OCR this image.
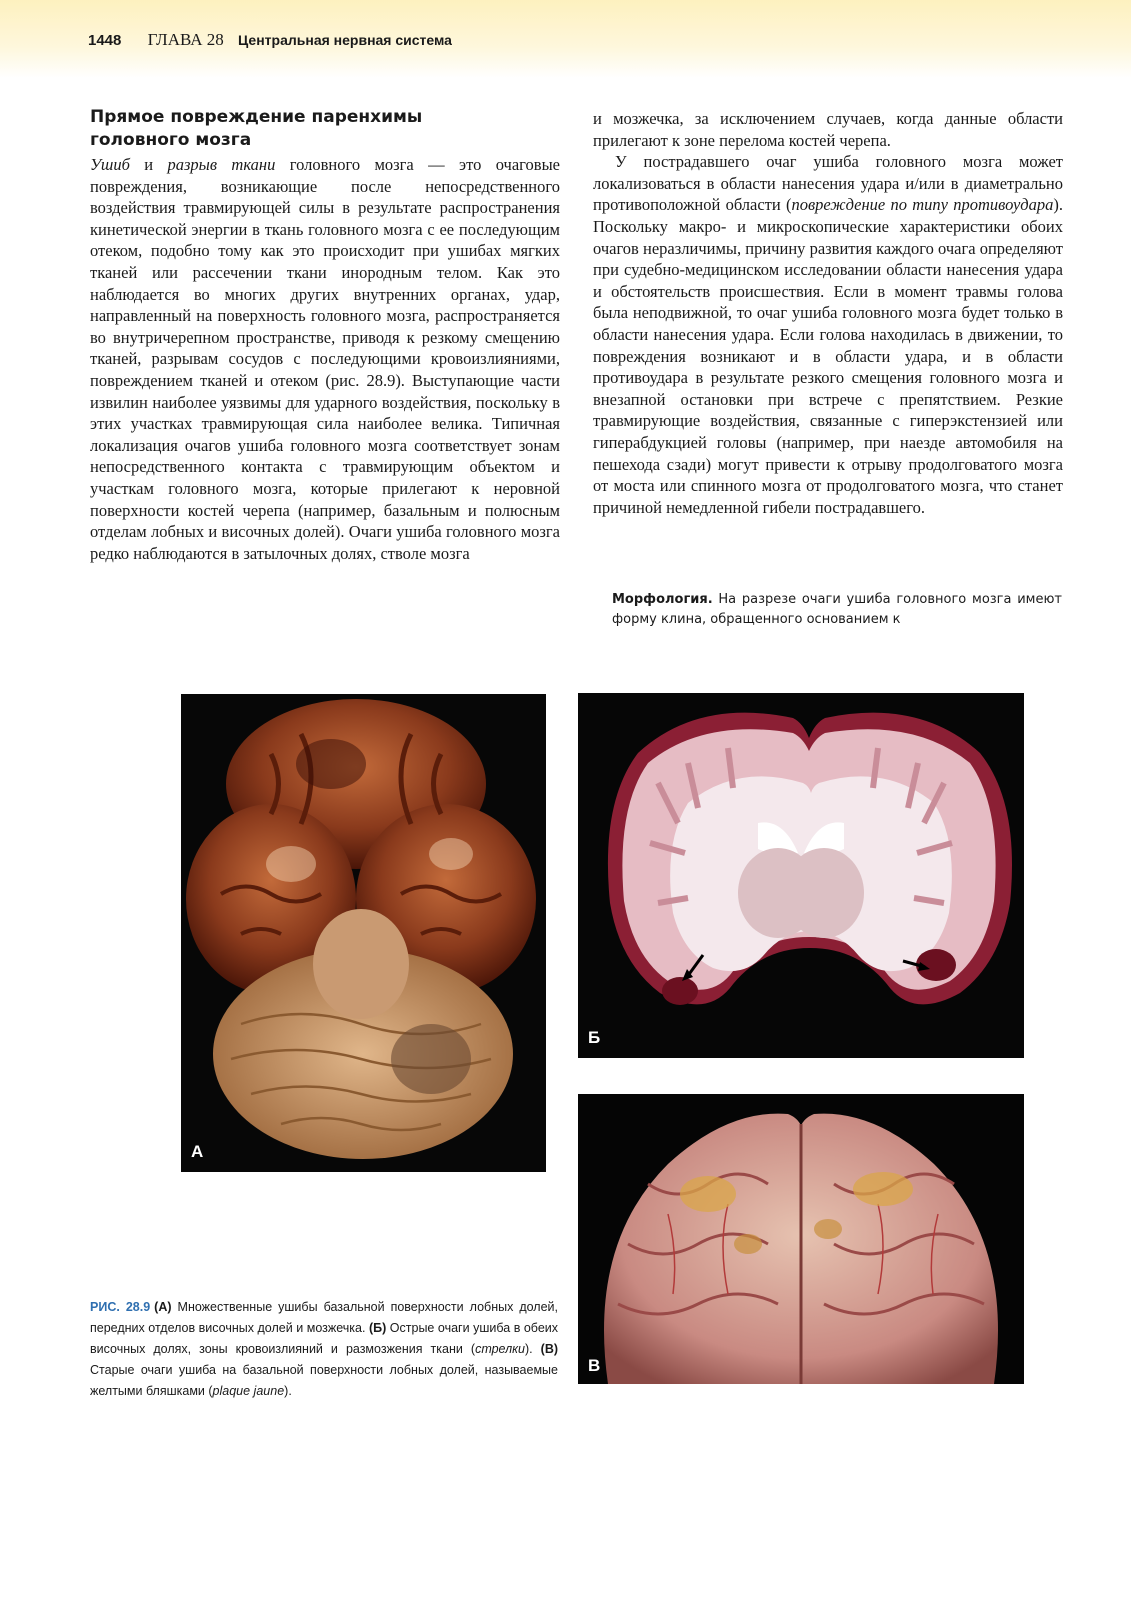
1448 ГЛАВА 28 Центральная нервная система
Прямое повреждение паренхимы
головного мозга

Ушиб и разрыв ткани головного мозга — это очаговые повреждения, возникающие после непосредственного воздействия травмирующей силы в результате распространения кинетической энергии в ткань головного мозга с ее последующим отеком, подобно тому как это происходит при ушибах мягких тканей или рассечении ткани инородным телом. Как это наблюдается во многих других внутренних органах, удар, направленный на поверхность головного мозга, распространяется во внутричерепном пространстве, приводя к резкому смещению тканей, разрывам сосудов с последующими кровоизлияниями, повреждением тканей и отеком (рис. 28.9). Выступающие части извилин наиболее уязвимы для ударного воздействия, поскольку в этих участках травмирующая сила наиболее велика. Типичная локализация очагов ушиба головного мозга соответствует зонам непосредственного контакта с травмирующим объектом и участкам головного мозга, которые прилегают к неровной поверхности костей черепа (например, базальным и полюсным отделам лобных и височных долей). Очаги ушиба головного мозга редко наблюдаются в затылочных долях, стволе мозга

и мозжечка, за исключением случаев, когда данные области прилегают к зоне перелома костей черепа.

У пострадавшего очаг ушиба головного мозга может локализоваться в области нанесения удара и/или в диаметрально противоположной области (повреждение по типу противоудара). Поскольку макро- и микроскопические характеристики обоих очагов неразличимы, причину развития каждого очага определяют при судебно-медицинском исследовании области нанесения удара и обстоятельств происшествия. Если в момент травмы голова была неподвижной, то очаг ушиба головного мозга будет только в области нанесения удара. Если голова находилась в движении, то повреждения возникают и в области удара, и в области противоудара в результате резкого смещения головного мозга и внезапной остановки при встрече с препятствием. Резкие травмирующие воздействия, связанные с гиперэкстензией или гиперабдукцией головы (например, при наезде автомобиля на пешехода сзади) могут привести к отрыву продолговатого мозга от моста или спинного мозга от продолговатого мозга, что станет причиной немедленной гибели пострадавшего.

Морфология. На разрезе очаги ушиба головного мозга имеют форму клина, обращенного основанием к
А
Б
В
РИС. 28.9 (A) Множественные ушибы базальной поверхности лобных долей, передних отделов височных долей и мозжечка. (Б) Острые очаги ушиба в обеих височных долях, зоны кровоизлияний и размозжения ткани (стрелки). (В) Старые очаги ушиба на базальной поверхности лобных долей, называемые желтыми бляшками (plaque jaune).
